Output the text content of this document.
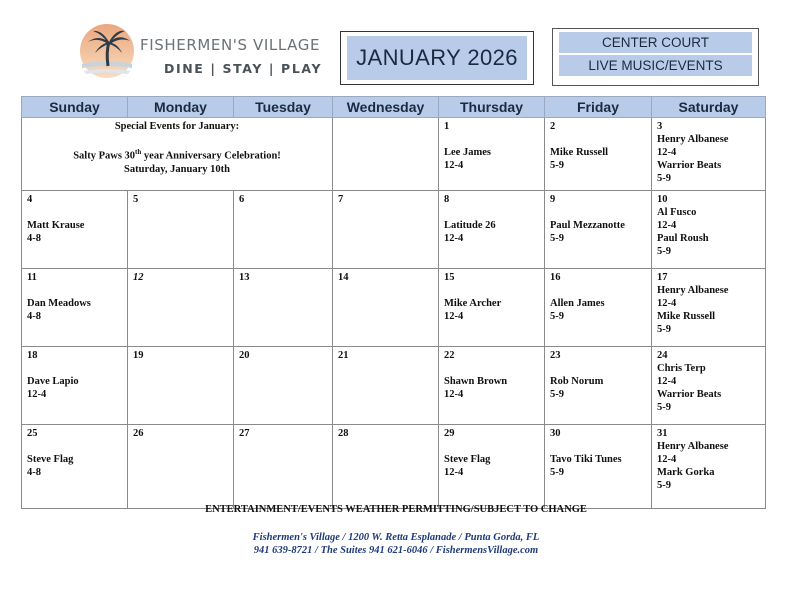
FISHERMEN'S VILLAGE
DINE | STAY | PLAY	JANUARY 2026
CENTER COURT
LIVE MUSIC/EVENTS
Sunday	Monday	Tuesday	Wednesday	Thursday	Friday	Saturday

Special Events for January:
Salty Paws 30th year Anniversary Celebration!
Saturday, January 10th				1
Lee James
12-4	2
Mike Russell
5-9	3
Henry Albanese
12-4
Warrior Beats
5-9

4
Matt Krause
4-8	5	6	7	8
Latitude 26
12-4	9
Paul Mezzanotte
5-9	10
Al Fusco
12-4
Paul Roush
5-9

11
Dan Meadows
4-8	12	13	14	15
Mike Archer
12-4	16
Allen James
5-9	17
Henry Albanese
12-4
Mike Russell
5-9

18
Dave Lapio
12-4	19	20	21	22
Shawn Brown
12-4	23
Rob Norum
5-9	24
Chris Terp
12-4
Warrior Beats
5-9

25
Steve Flag
4-8	26	27	28	29
Steve Flag
12-4	30
Tavo Tiki Tunes
5-9	31
Henry Albanese
12-4
Mark Gorka
5-9
ENTERTAINMENT/EVENTS WEATHER PERMITTING/SUBJECT TO CHANGE
Fishermen's Village / 1200 W. Retta Esplanade / Punta Gorda, FL
941 639-8721 / The Suites 941 621-6046 / FishermensVillage.com
